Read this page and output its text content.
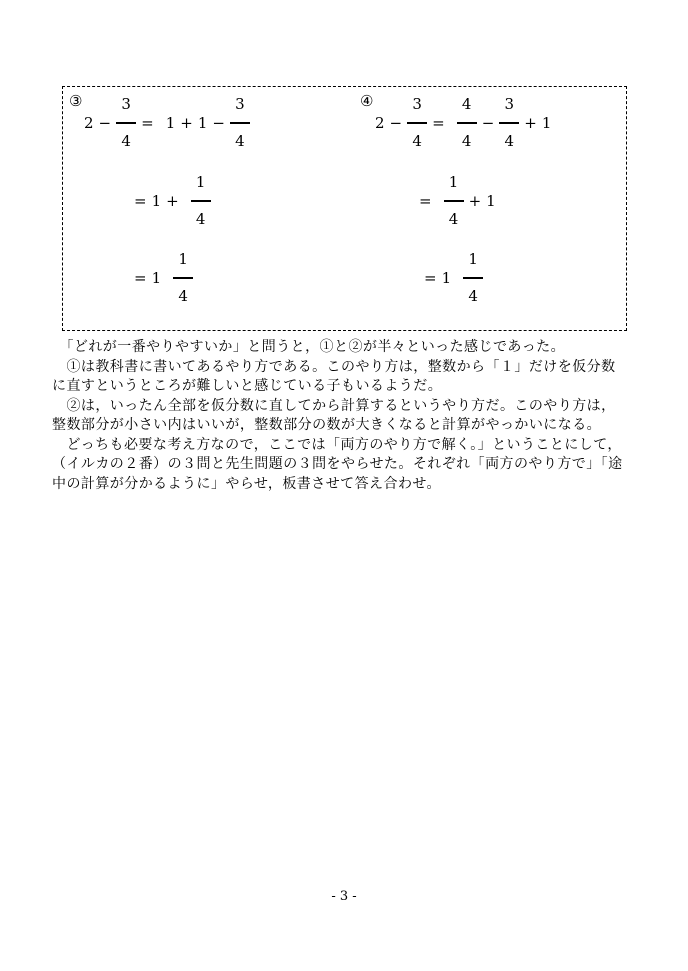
③
$2 - \frac{3}{4} = 1 + 1 - \frac{3}{4}$
= $1 + \frac{1}{4}$
= $1 \frac{1}{4}$
④
$2 - \frac{3}{4} = \frac{4}{4} - \frac{3}{4} + 1$
= $\frac{1}{4} + 1$
= $1 \frac{1}{4}$
　「どれが一番やりやすいか」と問うと，①と②が半々といった感じであった。
　①は教科書に書いてあるやり方である。このやり方は，整数から「１」だけを仮分数
に直すというところが難しいと感じている子もいるようだ。
　②は，いったん全部を仮分数に直してから計算するというやり方だ。このやり方は，
整数部分が小さい内はいいが，整数部分の数が大きくなると計算がやっかいになる。
　どっちも必要な考え方なので，ここでは「両方のやり方で解く。」ということにして，
（イルカの２番）の３問と先生問題の３問をやらせた。それぞれ「両方のやり方で」「途
中の計算が分かるように」やらせ，板書させて答え合わせ。
- 3 -
